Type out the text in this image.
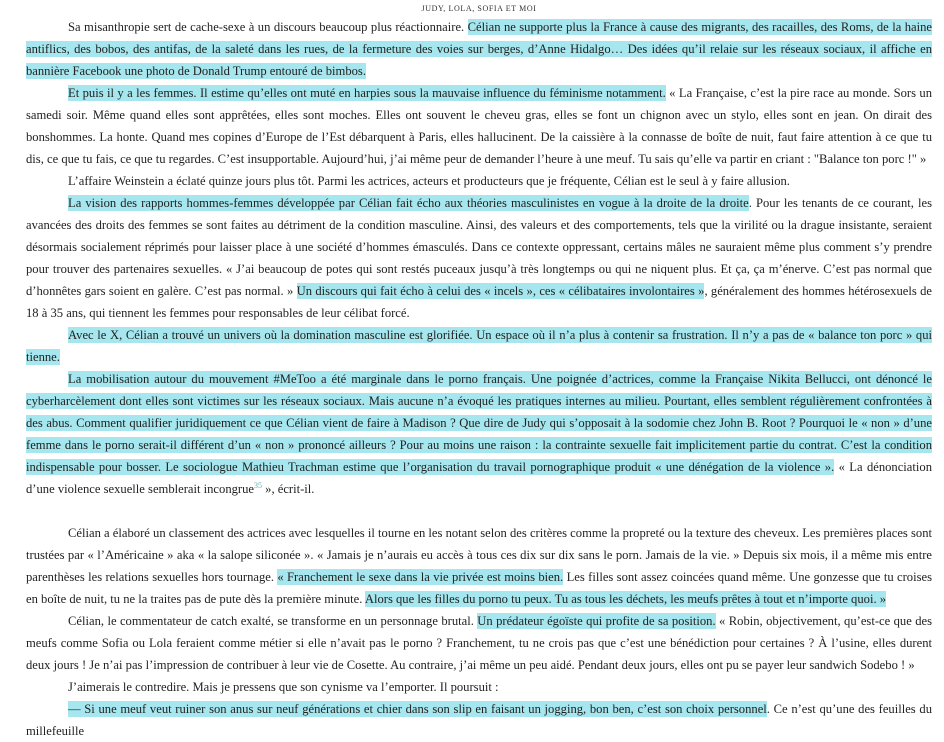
JUDY, LOLA, SOFIA ET MOI

Sa misanthropie sert de cache-sexe à un discours beaucoup plus réactionnaire. Célian ne supporte plus la France à cause des migrants, des racailles, des Roms, de la haine antiflics, des bobos, des antifas, de la saleté dans les rues, de la fermeture des voies sur berges, d’Anne Hidalgo… Des idées qu’il relaie sur les réseaux sociaux, il affiche en bannière Facebook une photo de Donald Trump entouré de bimbos.

Et puis il y a les femmes. Il estime qu’elles ont muté en harpies sous la mauvaise influence du féminisme notamment. « La Française, c’est la pire race au monde. Sors un samedi soir. Même quand elles sont apprêtées, elles sont moches. Elles ont souvent le cheveu gras, elles se font un chignon avec un stylo, elles sont en jean. On dirait des bonshommes. La honte. Quand mes copines d’Europe de l’Est débarquent à Paris, elles hallucinent. De la caissière à la connasse de boîte de nuit, faut faire attention à ce que tu dis, ce que tu fais, ce que tu regardes. C’est insupportable. Aujourd’hui, j’ai même peur de demander l’heure à une meuf. Tu sais qu’elle va partir en criant : "Balance ton porc !" »

L’affaire Weinstein a éclaté quinze jours plus tôt. Parmi les actrices, acteurs et producteurs que je fréquente, Célian est le seul à y faire allusion.

La vision des rapports hommes-femmes développée par Célian fait écho aux théories masculinistes en vogue à la droite de la droite. Pour les tenants de ce courant, les avancées des droits des femmes se sont faites au détriment de la condition masculine. Ainsi, des valeurs et des comportements, tels que la virilité ou la drague insistante, seraient désormais socialement réprimés pour laisser place à une société d’hommes émasculés. Dans ce contexte oppressant, certains mâles ne sauraient même plus comment s’y prendre pour trouver des partenaires sexuelles. « J’ai beaucoup de potes qui sont restés puceaux jusqu’à très longtemps ou qui ne niquent plus. Et ça, ça m’énerve. C’est pas normal que d’honnêtes gars soient en galère. C’est pas normal. » Un discours qui fait écho à celui des « incels », ces « célibataires involontaires », généralement des hommes hétérosexuels de 18 à 35 ans, qui tiennent les femmes pour responsables de leur célibat forcé.

Avec le X, Célian a trouvé un univers où la domination masculine est glorifiée. Un espace où il n’a plus à contenir sa frustration. Il n’y a pas de « balance ton porc » qui tienne.

La mobilisation autour du mouvement #MeToo a été marginale dans le porno français. Une poignée d’actrices, comme la Française Nikita Bellucci, ont dénoncé le cyberharcèlement dont elles sont victimes sur les réseaux sociaux. Mais aucune n’a évoqué les pratiques internes au milieu. Pourtant, elles semblent régulièrement confrontées à des abus. Comment qualifier juridiquement ce que Célian vient de faire à Madison ? Que dire de Judy qui s’opposait à la sodomie chez John B. Root ? Pourquoi le « non » d’une femme dans le porno serait-il différent d’un « non » prononcé ailleurs ? Pour au moins une raison : la contrainte sexuelle fait implicitement partie du contrat. C’est la condition indispensable pour bosser. Le sociologue Mathieu Trachman estime que l’organisation du travail pornographique produit « une dénégation de la violence ». « La dénonciation d’une violence sexuelle semblerait incongrue$^{35}$ », écrit-il.

Célian a élaboré un classement des actrices avec lesquelles il tourne en les notant selon des critères comme la propreté ou la texture des cheveux. Les premières places sont trustées par « l’Américaine » aka « la salope siliconée ». « Jamais je n’aurais eu accès à tous ces dix sur dix sans le porn. Jamais de la vie. » Depuis six mois, il a même mis entre parenthèses les relations sexuelles hors tournage. « Franchement le sexe dans la vie privée est moins bien. Les filles sont assez coincées quand même. Une gonzesse que tu croises en boîte de nuit, tu ne la traites pas de pute dès la première minute. Alors que les filles du porno tu peux. Tu as tous les déchets, les meufs prêtes à tout et n’importe quoi. »

Célian, le commentateur de catch exalté, se transforme en un personnage brutal. Un prédateur égoïste qui profite de sa position. « Robin, objectivement, qu’est-ce que des meufs comme Sofia ou Lola feraient comme métier si elle n’avait pas le porno ? Franchement, tu ne crois pas que c’est une bénédiction pour certaines ? À l’usine, elles durent deux jours ! Je n’ai pas l’impression de contribuer à leur vie de Cosette. Au contraire, j’ai même un peu aidé. Pendant deux jours, elles ont pu se payer leur sandwich Sodebo ! »

J’aimerais le contredire. Mais je pressens que son cynisme va l’emporter. Il poursuit :

— Si une meuf veut ruiner son anus sur neuf générations et chier dans son slip en faisant un jogging, bon ben, c’est son choix personnel. Ce n’est qu’une des feuilles du millefeuille
